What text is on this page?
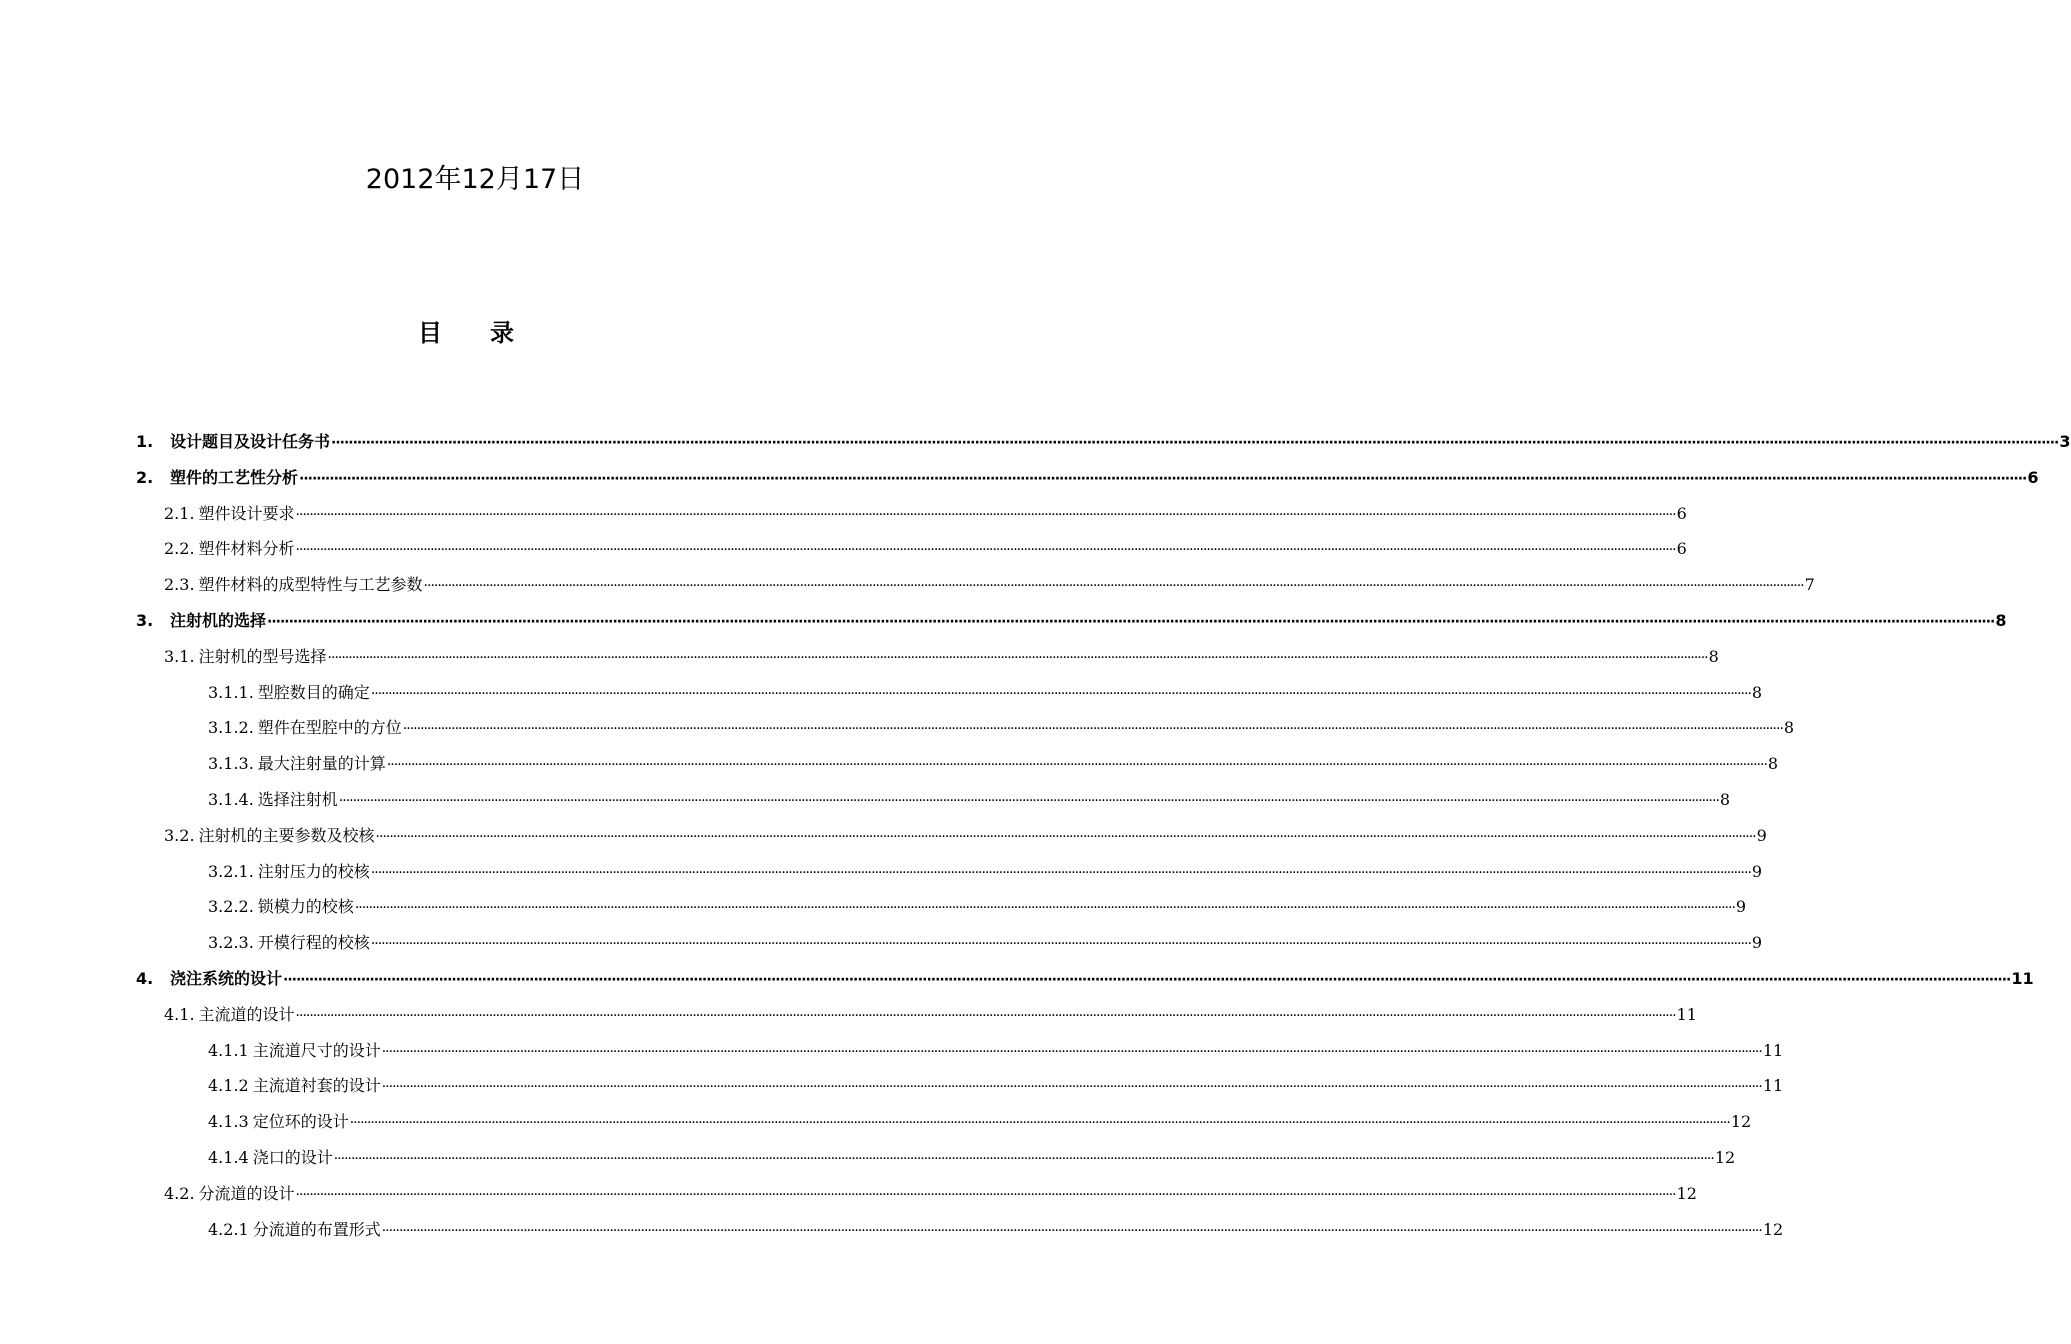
2012年12月17日
目录
1.	设计题目及设计任务书 ················································································································································································································································································································································································································ 3
2.	塑件的工艺性分析 ················································································································································································································································································································································································································ 6
2.1. 塑件设计要求 ················································································································································································································································································································································································································ 6
2.2. 塑件材料分析 ················································································································································································································································································································································································································ 6
2.3. 塑件材料的成型特性与工艺参数 ················································································································································································································································································································································································································ 7
3.	注射机的选择 ················································································································································································································································································································································································································ 8
3.1. 注射机的型号选择 ················································································································································································································································································································································································································ 8
3.1.1. 型腔数目的确定 ················································································································································································································································································································································································································ 8
3.1.2. 塑件在型腔中的方位 ················································································································································································································································································································································································································ 8
3.1.3. 最大注射量的计算 ················································································································································································································································································································································································································ 8
3.1.4. 选择注射机 ················································································································································································································································································································································································································ 8
3.2. 注射机的主要参数及校核 ················································································································································································································································································································································································································ 9
3.2.1. 注射压力的校核 ················································································································································································································································································································································································································ 9
3.2.2. 锁模力的校核 ················································································································································································································································································································································································································ 9
3.2.3. 开模行程的校核 ················································································································································································································································································································································································································ 9
4.	浇注系统的设计 ················································································································································································································································································································································································································ 11
4.1. 主流道的设计 ················································································································································································································································································································································································································ 11
4.1.1 主流道尺寸的设计 ················································································································································································································································································································································································································ 11
4.1.2 主流道衬套的设计 ················································································································································································································································································································································································································ 11
4.1.3 定位环的设计 ················································································································································································································································································································································································································ 12
4.1.4 浇口的设计 ················································································································································································································································································································································································································ 12
4.2. 分流道的设计 ················································································································································································································································································································································································································ 12
4.2.1 分流道的布置形式 ················································································································································································································································································································································································································ 12
